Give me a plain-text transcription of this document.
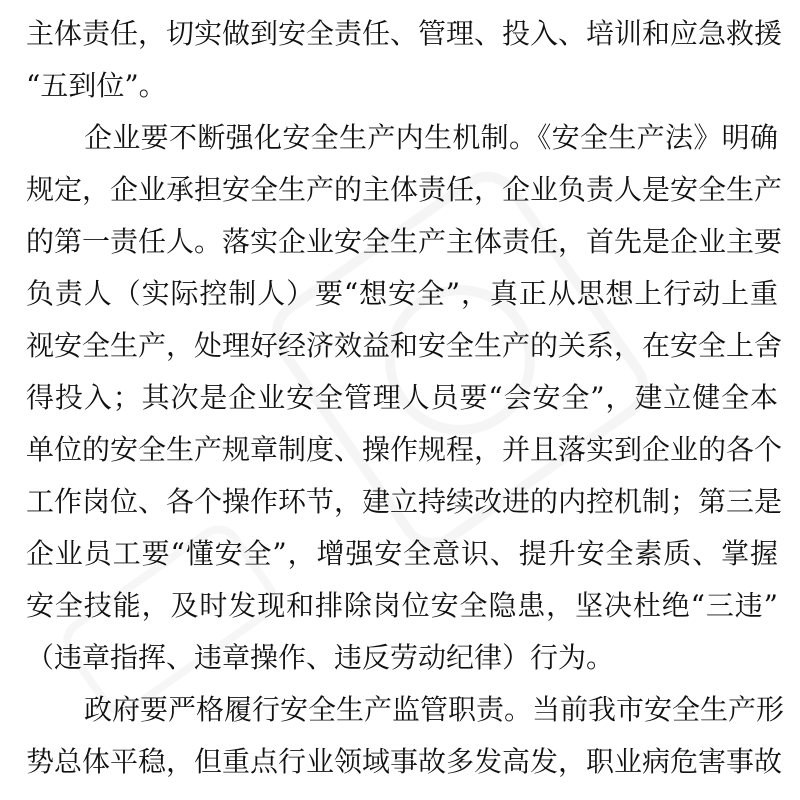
主体责任，切实做到安全责任、管理、投入、培训和应急救援
“五到位”。
企业要不断强化安全生产内生机制。《安全生产法》明确
规定，企业承担安全生产的主体责任，企业负责人是安全生产
的第一责任人。落实企业安全生产主体责任，首先是企业主要
负责人（实际控制人）要“想安全”，真正从思想上行动上重
视安全生产，处理好经济效益和安全生产的关系，在安全上舍
得投入；其次是企业安全管理人员要“会安全”，建立健全本
单位的安全生产规章制度、操作规程，并且落实到企业的各个
工作岗位、各个操作环节，建立持续改进的内控机制；第三是
企业员工要“懂安全”，增强安全意识、提升安全素质、掌握
安全技能，及时发现和排除岗位安全隐患，坚决杜绝“三违”
（违章指挥、违章操作、违反劳动纪律）行为。
政府要严格履行安全生产监管职责。当前我市安全生产形
势总体平稳，但重点行业领域事故多发高发，职业病危害事故
